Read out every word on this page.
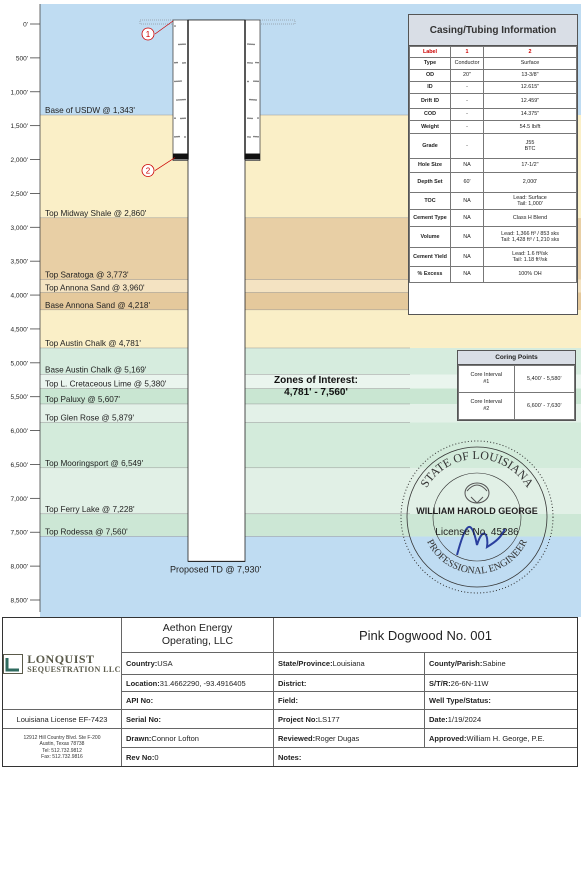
Base of USDW @ 1,343'
Top Midway Shale @ 2,860'
Top Saratoga @ 3,773'
Top Annona Sand @ 3,960'
Base Annona Sand @ 4,218'
Top Austin Chalk @ 4,781'
Base Austin Chalk @ 5,169'
Top L. Cretaceous Lime @ 5,380'
Top Paluxy @ 5,607'
Top Glen Rose @ 5,879'
Top Mooringsport @ 6,549'
Top Ferry Lake @ 7,228'
Top Rodessa @ 7,560'
0'
500'
1,000'
1,500'
2,000'
2,500'
3,000'
3,500'
4,000'
4,500'
5,000'
5,500'
6,000'
6,500'
7,000'
7,500'
8,000'
8,500'
Proposed TD @ 7,930'
1
2
Casing/Tubing Information
Label	1	2
Type	Conductor	Surface
OD	20"	13-3/8"
ID	-	12.615"
Drift ID	-	12.459"
COD	-	14.375"
Weight	-	54.5 lb/ft
Grade	-	J55
BTC
Hole Size	NA	17-1/2"
Depth Set	60'	2,000'
TOC	NA	Lead: Surface
Tail: 1,000'
Cement Type	NA	Class H Blend
Volume	NA	Lead: 1,366 ft³ / 853 sks
Tail: 1,428 ft³ / 1,210 sks
Cement Yield	NA	Lead: 1.6 ft³/sk
Tail: 1.18 ft³/sk
% Excess	NA	100% OH
Coring Points
Core Interval
#1	5,400' - 5,580'
Core Interval
#2	6,600' - 7,630'
Zones of Interest:
4,781' - 7,560'
STATE OF LOUISIANA
PROFESSIONAL ENGINEER
WILLIAM HAROLD GEORGE
License No. 45286
LONQUIST
SEQUESTRATION LLC
Aethon Energy
Operating, LLC	Pink Dogwood No. 001
Louisiana License EF-7423
12912 Hill Country Blvd. Ste F-200
Austin, Texas 78738
Tel: 512.732.9812
Fax: 512.732.9816
Country: USA	State/Province: Louisiana	County/Parish: Sabine
Location: 31.4662290, -93.4916405	District:	S/T/R: 26-6N-11W
API No:	Field:	Well Type/Status:
Serial No:	Project No: LS177	Date: 1/19/2024
Drawn: Connor Lofton	Reviewed: Roger Dugas	Approved: William H. George, P.E.
Rev No: 0	Notes:
